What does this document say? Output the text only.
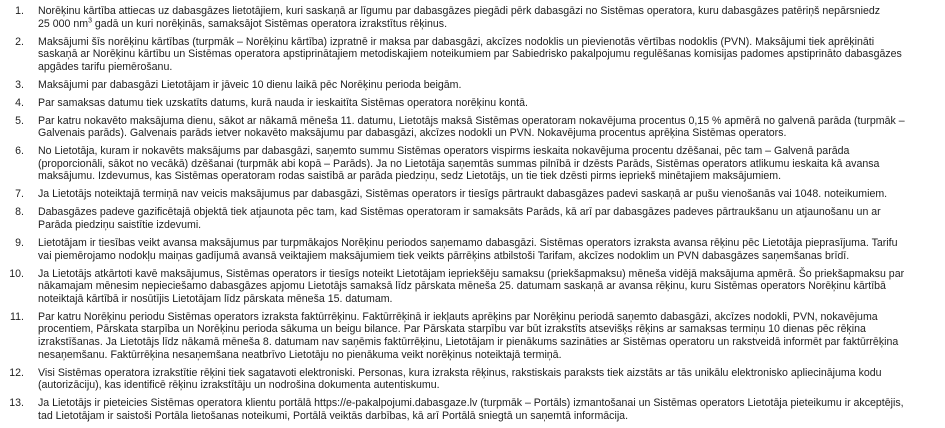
1.	Norēķinu kārtība attiecas uz dabasgāzes lietotājiem, kuri saskaņā ar līgumu par dabasgāzes piegādi pērk dabasgāzi no Sistēmas operatora, kuru dabasgāzes patēriņš nepārsniedz
25 000 $nm^3$ gadā un kuri norēķinās, samaksājot Sistēmas operatora izrakstītus rēķinus.
2.	Maksājumi šīs norēķinu kārtības (turpmāk – Norēķinu kārtība) izpratnē ir maksa par dabasgāzi, akcīzes nodoklis un pievienotās vērtības nodoklis (PVN). Maksājumi tiek aprēķināti
saskaņā ar Norēķinu kārtību un Sistēmas operatora apstiprinātajiem metodiskajiem noteikumiem par Sabiedrisko pakalpojumu regulēšanas komisijas padomes apstiprināto dabasgāzes
apgādes tarifu piemērošanu.
3.	Maksājumi par dabasgāzi Lietotājam ir jāveic 10 dienu laikā pēc Norēķinu perioda beigām.
4.	Par samaksas datumu tiek uzskatīts datums, kurā nauda ir ieskaitīta Sistēmas operatora norēķinu kontā.
5.	Par katru nokavēto maksājuma dienu, sākot ar nākamā mēneša 11. datumu, Lietotājs maksā Sistēmas operatoram nokavējuma procentus 0,15 % apmērā no galvenā parāda (turpmāk –
Galvenais parāds). Galvenais parāds ietver nokavēto maksājumu par dabasgāzi, akcīzes nodokli un PVN. Nokavējuma procentus aprēķina Sistēmas operators.
6.	No Lietotāja, kuram ir nokavēts maksājums par dabasgāzi, saņemto summu Sistēmas operators vispirms ieskaita nokavējuma procentu dzēšanai, pēc tam – Galvenā parāda
(proporcionāli, sākot no vecākā) dzēšanai (turpmāk abi kopā – Parāds). Ja no Lietotāja saņemtās summas pilnībā ir dzēsts Parāds, Sistēmas operators atlikumu ieskaita kā avansa
maksājumu. Izdevumus, kas Sistēmas operatoram rodas saistībā ar parāda piedziņu, sedz Lietotājs, un tie tiek dzēsti pirms iepriekš minētajiem maksājumiem.
7.	Ja Lietotājs noteiktajā termiņā nav veicis maksājumus par dabasgāzi, Sistēmas operators ir tiesīgs pārtraukt dabasgāzes padevi saskaņā ar pušu vienošanās vai 1048. noteikumiem.
8.	Dabasgāzes padeve gazificētajā objektā tiek atjaunota pēc tam, kad Sistēmas operatoram ir samaksāts Parāds, kā arī par dabasgāzes padeves pārtraukšanu un atjaunošanu un ar
Parāda piedziņu saistītie izdevumi.
9.	Lietotājam ir tiesības veikt avansa maksājumus par turpmākajos Norēķinu periodos saņemamo dabasgāzi. Sistēmas operators izraksta avansa rēķinu pēc Lietotāja pieprasījuma. Tarifu
vai piemērojamo nodokļu maiņas gadījumā avansā veiktajiem maksājumiem tiek veikts pārrēķins atbilstoši Tarifam, akcīzes nodoklim un PVN dabasgāzes saņemšanas brīdī.
10.	Ja Lietotājs atkārtoti kavē maksājumus, Sistēmas operators ir tiesīgs noteikt Lietotājam iepriekšēju samaksu (priekšapmaksu) mēneša vidējā maksājuma apmērā. Šo priekšapmaksu par
nākamajam mēnesim nepieciešamo dabasgāzes apjomu Lietotājs samaksā līdz pārskata mēneša 25. datumam saskaņā ar avansa rēķinu, kuru Sistēmas operators Norēķinu kārtībā
noteiktajā kārtībā ir nosūtījis Lietotājam līdz pārskata mēneša 15. datumam.
11.	Par katru Norēķinu periodu Sistēmas operators izraksta faktūrrēķinu. Faktūrrēķinā ir iekļauts aprēķins par Norēķinu periodā saņemto dabasgāzi, akcīzes nodokli, PVN, nokavējuma
procentiem, Pārskata starpība un Norēķinu perioda sākuma un beigu bilance. Par Pārskata starpību var būt izrakstīts atsevišķs rēķins ar samaksas termiņu 10 dienas pēc rēķina
izrakstīšanas. Ja Lietotājs līdz nākamā mēneša 8. datumam nav saņēmis faktūrrēķinu, Lietotājam ir pienākums sazināties ar Sistēmas operatoru un rakstveidā informēt par faktūrrēķina
nesaņemšanu. Faktūrrēķina nesaņemšana neatbrīvo Lietotāju no pienākuma veikt norēķinus noteiktajā termiņā.
12.	Visi Sistēmas operatora izrakstītie rēķini tiek sagatavoti elektroniski. Personas, kura izraksta rēķinus, rakstiskais paraksts tiek aizstāts ar tās unikālu elektronisko apliecinājuma kodu
(autorizāciju), kas identificē rēķinu izrakstītāju un nodrošina dokumenta autentiskumu.
13.	Ja Lietotājs ir pieteicies Sistēmas operatora klientu portālā https://e-pakalpojumi.dabasgaze.lv (turpmāk – Portāls) izmantošanai un Sistēmas operators Lietotāja pieteikumu ir akceptējis,
tad Lietotājam ir saistoši Portāla lietošanas noteikumi, Portālā veiktās darbības, kā arī Portālā sniegtā un saņemtā informācija.
